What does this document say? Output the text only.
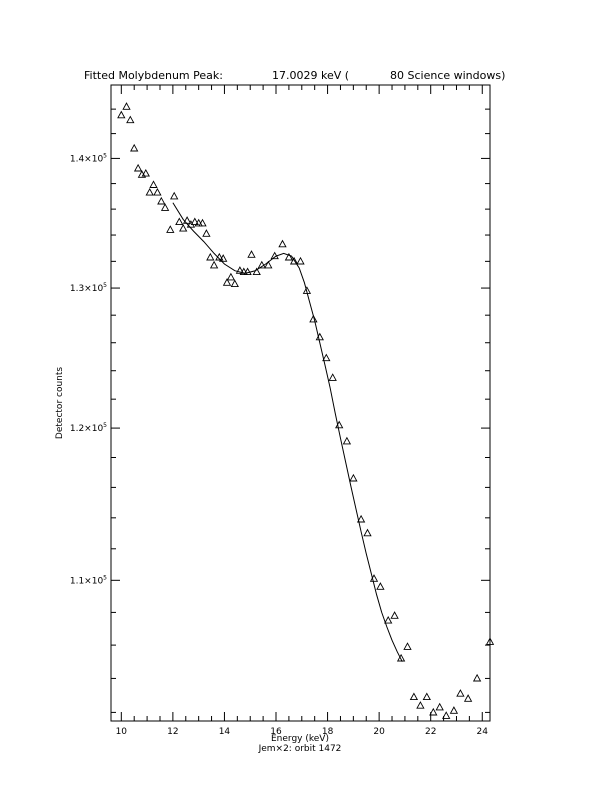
Fitted Molybdenum Peak:	17.0029 keV (	80 Science windows)
10	12	14	16	18	20	22	24
$1.1\times 10^5$
$1.2\times 10^5$
$1.3\times 10^5$
$1.4\times 10^5$
Energy (keV)
Jem×2: orbit 1472
Detector counts
